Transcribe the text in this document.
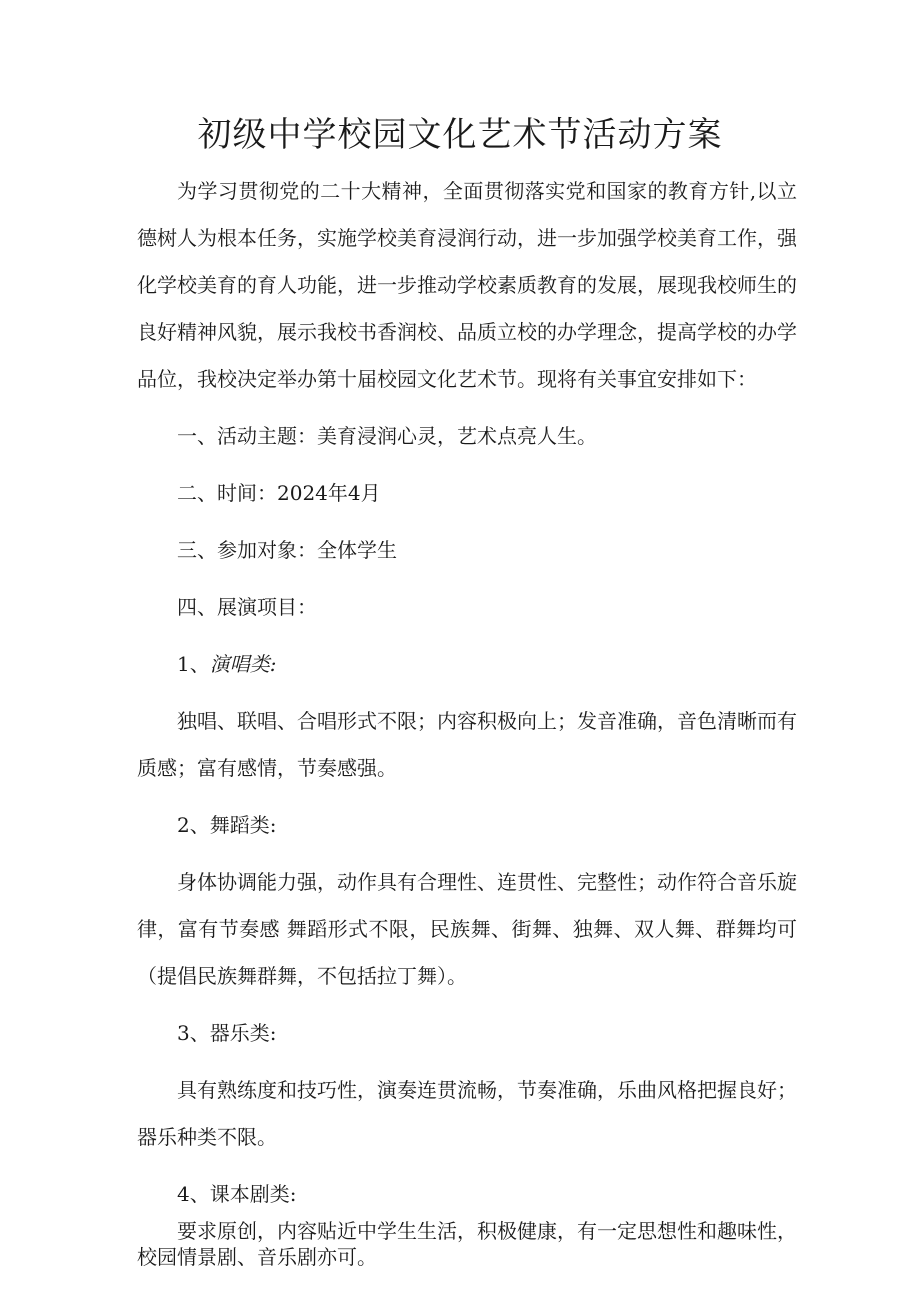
初级中学校园文化艺术节活动方案

为学习贯彻党的二十大精神，全面贯彻落实党和国家的教育方针,以立德树人为根本任务，实施学校美育浸润行动，进一步加强学校美育工作，强化学校美育的育人功能，进一步推动学校素质教育的发展，展现我校师生的良好精神风貌，展示我校书香润校、品质立校的办学理念，提高学校的办学品位，我校决定举办第十届校园文化艺术节。现将有关事宜安排如下：

一、活动主题：美育浸润心灵，艺术点亮人生。

二、时间：2024年4月

三、参加对象：全体学生

四、展演项目：

1、演唱类:

独唱、联唱、合唱形式不限；内容积极向上；发音准确，音色清晰而有质感；富有感情，节奏感强。

2、舞蹈类:

身体协调能力强，动作具有合理性、连贯性、完整性；动作符合音乐旋律，富有节奏感 舞蹈形式不限，民族舞、街舞、独舞、双人舞、群舞均可（提倡民族舞群舞，不包括拉丁舞）。

3、器乐类:

具有熟练度和技巧性，演奏连贯流畅，节奏准确，乐曲风格把握良好；器乐种类不限。

4、课本剧类:

要求原创，内容贴近中学生生活，积极健康，有一定思想性和趣味性，校园情景剧、音乐剧亦可。
